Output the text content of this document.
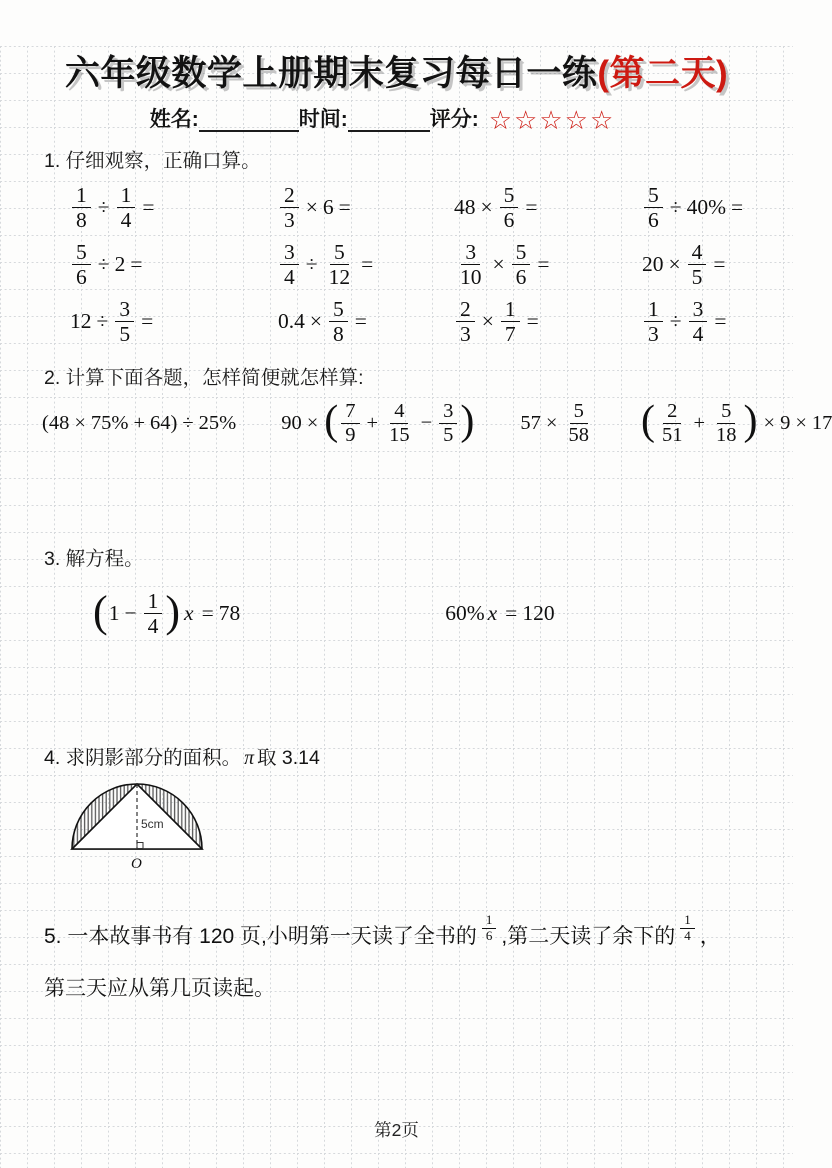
六年级数学上册期末复习每日一练(第二天)
姓名:	时间:	评分: ☆☆☆☆☆
1. 仔细观察，正确口算。
$\frac{1}{8} \div \frac{1}{4}$ =	$\frac{2}{3} \times 6$ =	$48 \times \frac{5}{6}$ =	$\frac{5}{6} \div 40\%$ =
$\frac{5}{6} \div 2$ =	$\frac{3}{4} \div \frac{5}{12}$ =	$\frac{3}{10} \times \frac{5}{6}$ =	$20 \times \frac{4}{5}$ =
$12 \div \frac{3}{5}$ =	$0.4 \times \frac{5}{8}$ =	$\frac{2}{3} \times \frac{1}{7}$ =	$\frac{1}{3} \div \frac{3}{4}$ =
2. 计算下面各题，怎样简便就怎样算:
(48 × 75% + 64) ÷ 25% 90 × ( $\frac{7}{9} + \frac{4}{15} - \frac{3}{5}$ ) $57 \times \frac{5}{58}$ ( $\frac{2}{51} + \frac{5}{18}$ ) × 9 × 17
3. 解方程。
( $1 - \frac{1}{4}$ ) x = 78	60% x = 120
4. 求阴影部分的面积。 π 取 3.14
5cm
O
5. 一本故事书有 120 页,小明第一天读了全书的 $\frac{1}{6}$ ,第二天读了余下的 $\frac{1}{4}$ ，
第三天应从第几页读起。
第2页
